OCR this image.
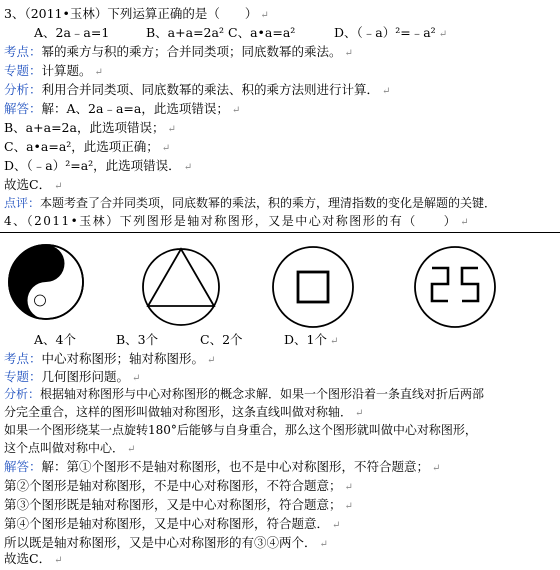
3、（2011•玉林）下列运算正确的是（　　） ↵
A、2a﹣a=1	B、a+a=2a² C、a•a=a²	D、（﹣a）²=﹣a² ↵
考点：幂的乘方与积的乘方；合并同类项；同底数幂的乘法。 ↵
专题：计算题。 ↵
分析：利用合并同类项、同底数幂的乘法、积的乘方法则进行计算． ↵
解答：解：A、2a﹣a=a，此选项错误； ↵
B、a+a=2a，此选项错误； ↵
C、a•a=a²，此选项正确； ↵
D、（﹣a）²=a²，此选项错误． ↵
故选C． ↵
点评：本题考查了合并同类项，同底数幂的乘法，积的乘方，理清指数的变化是解题的关键．
4、（2011•玉林）下列图形是轴对称图形，又是中心对称图形的有（　　） ↵
A、4个	B、3个	C、2个	D、1个 ↵
考点：中心对称图形；轴对称图形。 ↵
专题：几何图形问题。 ↵
分析：根据轴对称图形与中心对称图形的概念求解．如果一个图形沿着一条直线对折后两部
分完全重合，这样的图形叫做轴对称图形，这条直线叫做对称轴． ↵
如果一个图形绕某一点旋转180°后能够与自身重合，那么这个图形就叫做中心对称图形，
这个点叫做对称中心． ↵
解答：解：第①个图形不是轴对称图形，也不是中心对称图形，不符合题意； ↵
第②个图形是轴对称图形，不是中心对称图形，不符合题意； ↵
第③个图形既是轴对称图形，又是中心对称图形，符合题意； ↵
第④个图形是轴对称图形，又是中心对称图形，符合题意． ↵
所以既是轴对称图形，又是中心对称图形的有③④两个． ↵
故选C． ↵
